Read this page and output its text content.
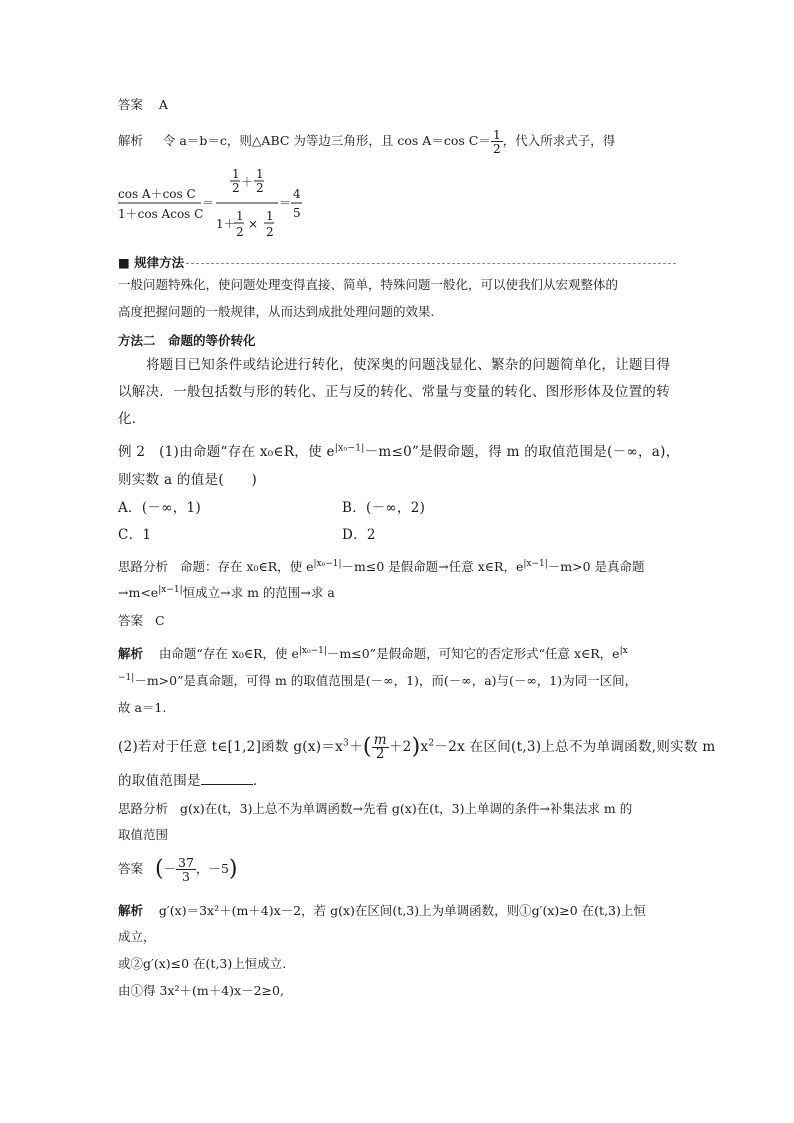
答案 A
解析 令 a＝b＝c，则△ABC 为等边三角形，且 cos A＝cos $C= \frac{1}{2}$ ，代入所求式子，得
cos A＋cos C
1＋cos Acos C
＝
1
2 ＋
1
2
1＋
1
2
×
1
2
＝
4
5
■ 规律方法
一般问题特殊化，使问题处理变得直接、简单，特殊问题一般化，可以使我们从宏观整体的
高度把握问题的一般规律，从而达到成批处理问题的效果.
方法二　命题的等价转化
将题目已知条件或结论进行转化，使深奥的问题浅显化、繁杂的问题简单化，让题目得
以解决．一般包括数与形的转化、正与反的转化、常量与变量的转化、图形形体及位置的转
化．
例 2　(1)由命题“存在 x₀∈R，使 $e^{|x_0-1|}-m\le 0$”是假命题，得 m 的取值范围是(－∞，a)，
则实数 a 的值是(　　)
A．(－∞，1)	B．(－∞，2)
C．1	D．2
思路分析 命题：存在 x₀∈R，使 $e^{|x_0-1|}-m\le 0$ 是假命题→任意 x∈R，$e^{|x-1|}-m>0$ 是真命题
$\to m<e^{|x-1|}$恒成立→求 m 的范围→求 a
答案 C
解析 由命题“存在 x₀∈R，使 $e^{|x_0-1|}-m\le 0$”是假命题，可知它的否定形式“任意 x∈R，$e^{|x}$
$^{-1|}$－m>0”是真命题，可得 m 的取值范围是(－∞，1)，而(－∞，a)与(－∞，1)为同一区间，
故 a＝1.
(2)若对于任意 t∈[1,2]函数 $g(x)=x^3+( \frac{m}{2} +2)x^2-2x$ 在区间(t,3)上总不为单调函数,则实数 m
的取值范围是	．
思路分析 g(x)在(t，3)上总不为单调函数→先看 g(x)在(t，3)上单调的条件→补集法求 m 的
取值范围
答案 (－ $\frac{37}{3}$ ，－5)
解析 g′(x)＝3x²＋(m＋4)x－2，若 g(x)在区间(t,3)上为单调函数，则①g′(x)≥0 在(t,3)上恒
成立，
或②g′(x)≤0 在(t,3)上恒成立.
由①得 3x²＋(m＋4)x－2≥0,
